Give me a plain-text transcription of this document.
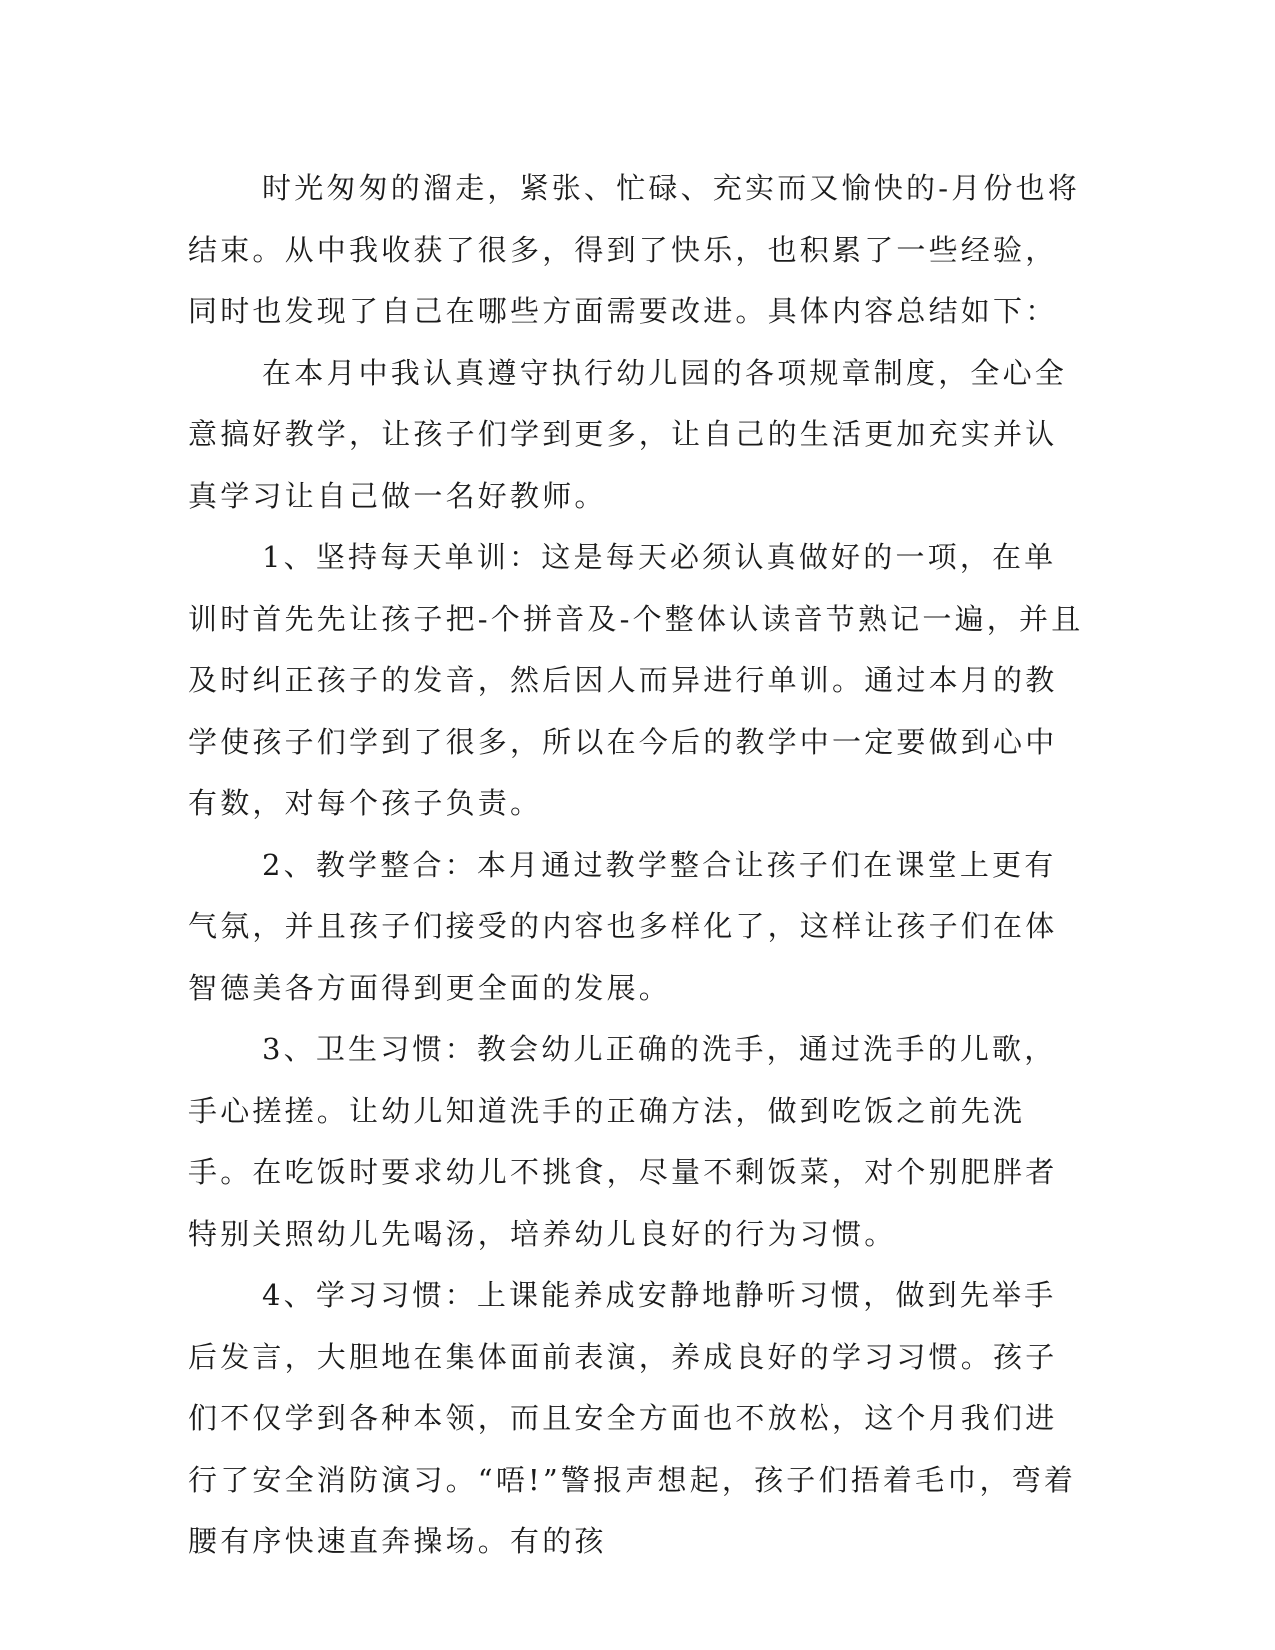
时光匆匆的溜走，紧张、忙碌、充实而又愉快的-月份也将结束。从中我收获了很多，得到了快乐，也积累了一些经验，同时也发现了自己在哪些方面需要改进。具体内容总结如下：

在本月中我认真遵守执行幼儿园的各项规章制度，全心全意搞好教学，让孩子们学到更多，让自己的生活更加充实并认真学习让自己做一名好教师。

1、坚持每天单训：这是每天必须认真做好的一项，在单训时首先先让孩子把-个拼音及-个整体认读音节熟记一遍，并且及时纠正孩子的发音，然后因人而异进行单训。通过本月的教学使孩子们学到了很多，所以在今后的教学中一定要做到心中有数，对每个孩子负责。

2、教学整合：本月通过教学整合让孩子们在课堂上更有气氛，并且孩子们接受的内容也多样化了，这样让孩子们在体智德美各方面得到更全面的发展。

3、卫生习惯：教会幼儿正确的洗手，通过洗手的儿歌，手心搓搓。让幼儿知道洗手的正确方法，做到吃饭之前先洗手。在吃饭时要求幼儿不挑食，尽量不剩饭菜，对个别肥胖者特别关照幼儿先喝汤，培养幼儿良好的行为习惯。

4、学习习惯：上课能养成安静地静听习惯，做到先举手后发言，大胆地在集体面前表演，养成良好的学习习惯。孩子们不仅学到各种本领，而且安全方面也不放松，这个月我们进行了安全消防演习。“唔!”警报声想起，孩子们捂着毛巾，弯着腰有序快速直奔操场。有的孩
